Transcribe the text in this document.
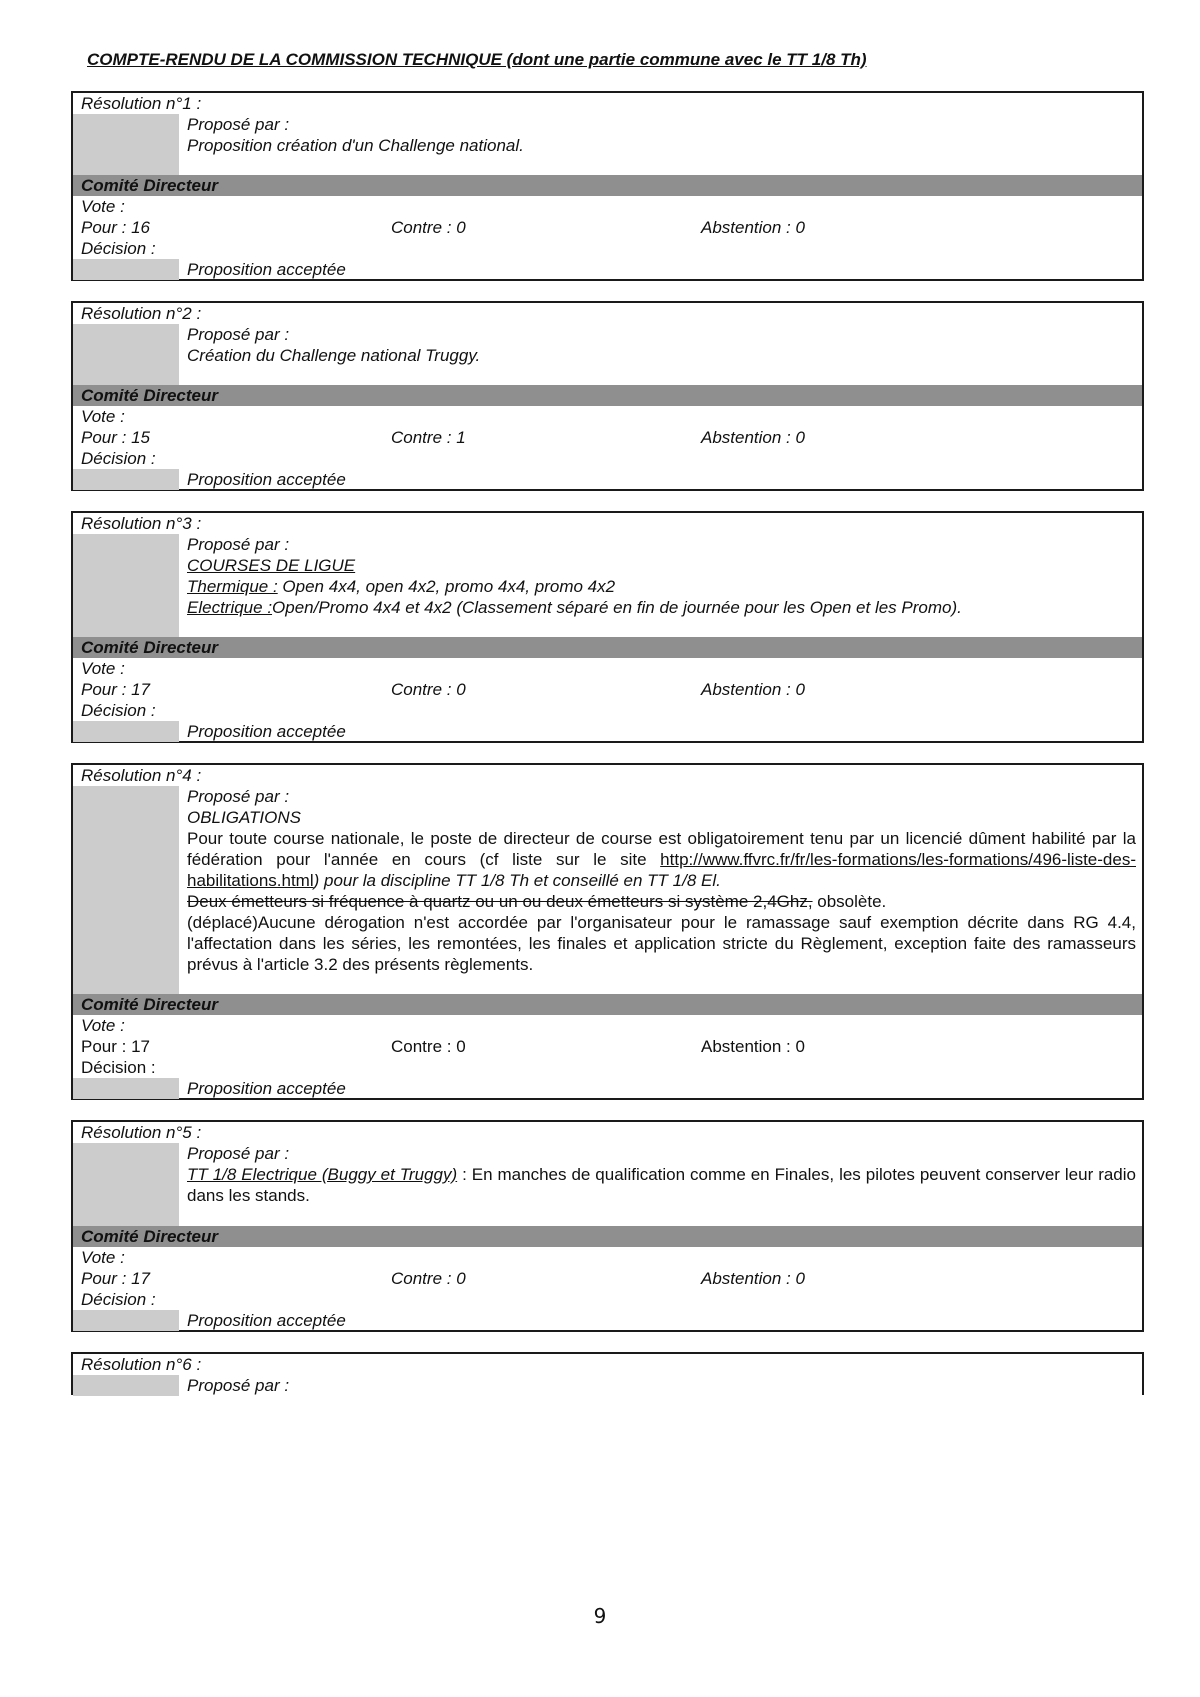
COMPTE-RENDU DE LA COMMISSION TECHNIQUE (dont une partie commune avec le TT 1/8 Th)
Résolution n°1 :

Proposé par :

Proposition création d'un Challenge national.

Comité Directeur
Vote :
Pour : 16	Contre : 0	Abstention : 0
Décision :
Proposition acceptée
Résolution n°2 :

Proposé par :

Création du Challenge national Truggy.

Comité Directeur
Vote :
Pour : 15	Contre : 1	Abstention : 0
Décision :
Proposition acceptée
Résolution n°3 :

Proposé par :

COURSES DE LIGUE

Thermique : Open 4x4, open 4x2, promo 4x4, promo 4x2

Electrique :Open/Promo 4x4 et 4x2 (Classement séparé en fin de journée pour les Open et les Promo).

Comité Directeur
Vote :
Pour : 17	Contre : 0	Abstention : 0
Décision :
Proposition acceptée
Résolution n°4 :

Proposé par :

OBLIGATIONS

Pour toute course nationale, le poste de directeur de course est obligatoirement tenu par un licencié dûment habilité par la fédération pour l'année en cours (cf liste sur le site http://www.ffvrc.fr/fr/les-formations/les-formations/496-liste-des-habilitations.html) pour la discipline TT 1/8 Th et conseillé en TT 1/8 El.

Deux émetteurs si fréquence à quartz ou un ou deux émetteurs si système 2,4Ghz, obsolète.

(déplacé)Aucune dérogation n'est accordée par l'organisateur pour le ramassage sauf exemption décrite dans RG 4.4, l'affectation dans les séries, les remontées, les finales et application stricte du Règlement, exception faite des ramasseurs prévus à l'article 3.2 des présents règlements.

Comité Directeur
Vote :
Pour : 17	Contre : 0	Abstention : 0
Décision :
Proposition acceptée
Résolution n°5 :

Proposé par :

TT 1/8 Electrique (Buggy et Truggy) : En manches de qualification comme en Finales, les pilotes peuvent conserver leur radio dans les stands.

Comité Directeur
Vote :
Pour : 17	Contre : 0	Abstention : 0
Décision :
Proposition acceptée
Résolution n°6 :

Proposé par :

9
